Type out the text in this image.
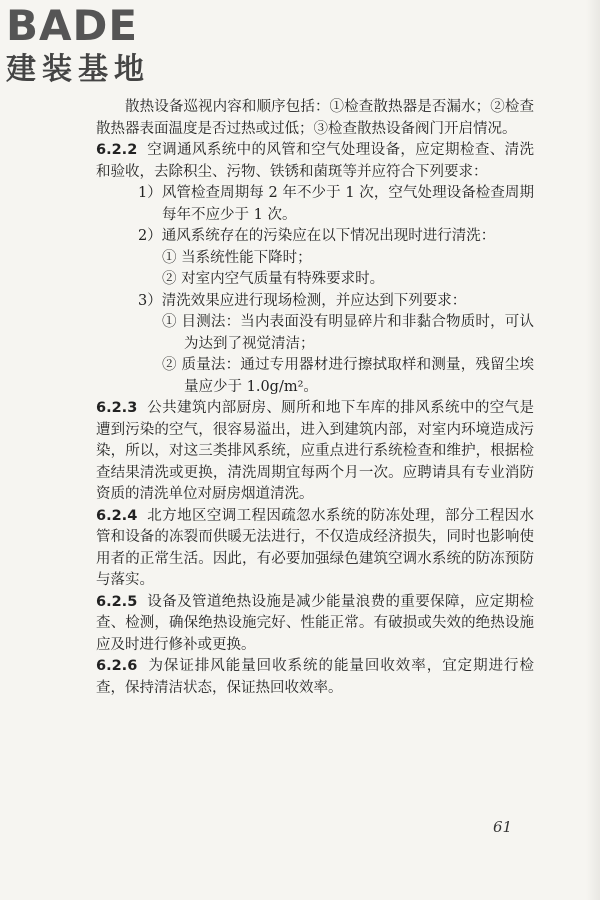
BADE
建装基地

散热设备巡视内容和顺序包括：①检查散热器是否漏水；②检查散热器表面温度是否过热或过低；③检查散热设备阀门开启情况。

6.2.2 空调通风系统中的风管和空气处理设备，应定期检查、清洗和验收，去除积尘、污物、铁锈和菌斑等并应符合下列要求：

1）风管检查周期每 2 年不少于 1 次，空气处理设备检查周期每年不应少于 1 次。

2）通风系统存在的污染应在以下情况出现时进行清洗：

① 当系统性能下降时；

② 对室内空气质量有特殊要求时。

3）清洗效果应进行现场检测，并应达到下列要求：

① 目测法：当内表面没有明显碎片和非黏合物质时，可认为达到了视觉清洁；

② 质量法：通过专用器材进行擦拭取样和测量，残留尘埃量应少于 1.0g/m²。

6.2.3 公共建筑内部厨房、厕所和地下车库的排风系统中的空气是遭到污染的空气，很容易溢出，进入到建筑内部，对室内环境造成污染，所以，对这三类排风系统，应重点进行系统检查和维护，根据检查结果清洗或更换，清洗周期宜每两个月一次。应聘请具有专业消防资质的清洗单位对厨房烟道清洗。

6.2.4 北方地区空调工程因疏忽水系统的防冻处理，部分工程因水管和设备的冻裂而供暖无法进行，不仅造成经济损失，同时也影响使用者的正常生活。因此，有必要加强绿色建筑空调水系统的防冻预防与落实。

6.2.5 设备及管道绝热设施是减少能量浪费的重要保障，应定期检查、检测，确保绝热设施完好、性能正常。有破损或失效的绝热设施应及时进行修补或更换。

6.2.6 为保证排风能量回收系统的能量回收效率，宜定期进行检查，保持清洁状态，保证热回收效率。

61
